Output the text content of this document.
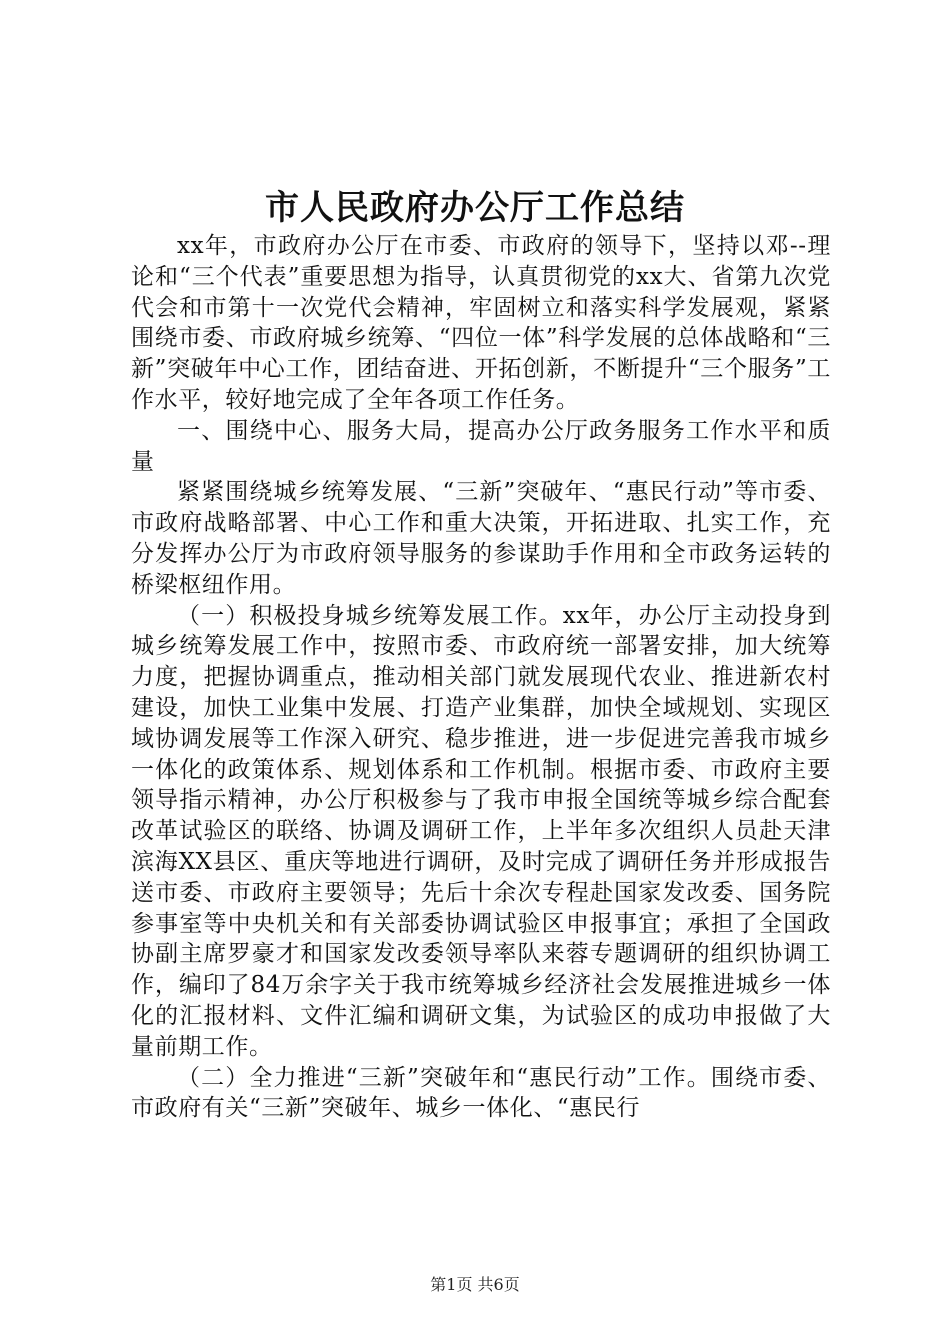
市人民政府办公厅工作总结

xx年，市政府办公厅在市委、市政府的领导下，坚持以邓--理论和“三个代表”重要思想为指导，认真贯彻党的xx大、省第九次党代会和市第十一次党代会精神，牢固树立和落实科学发展观，紧紧围绕市委、市政府城乡统筹、“四位一体”科学发展的总体战略和“三新”突破年中心工作，团结奋进、开拓创新，不断提升“三个服务”工作水平，较好地完成了全年各项工作任务。

一、围绕中心、服务大局，提高办公厅政务服务工作水平和质量

紧紧围绕城乡统筹发展、“三新”突破年、“惠民行动”等市委、市政府战略部署、中心工作和重大决策，开拓进取、扎实工作，充分发挥办公厅为市政府领导服务的参谋助手作用和全市政务运转的桥梁枢纽作用。

（一）积极投身城乡统筹发展工作。xx年，办公厅主动投身到城乡统筹发展工作中，按照市委、市政府统一部署安排，加大统筹力度，把握协调重点，推动相关部门就发展现代农业、推进新农村建设，加快工业集中发展、打造产业集群，加快全域规划、实现区域协调发展等工作深入研究、稳步推进，进一步促进完善我市城乡一体化的政策体系、规划体系和工作机制。根据市委、市政府主要领导指示精神，办公厅积极参与了我市申报全国统等城乡综合配套改革试验区的联络、协调及调研工作，上半年多次组织人员赴天津滨海XX县区、重庆等地进行调研，及时完成了调研任务并形成报告送市委、市政府主要领导；先后十余次专程赴国家发改委、国务院参事室等中央机关和有关部委协调试验区申报事宜；承担了全国政协副主席罗豪才和国家发改委领导率队来蓉专题调研的组织协调工作，编印了84万余字关于我市统筹城乡经济社会发展推进城乡一体化的汇报材料、文件汇编和调研文集，为试验区的成功申报做了大量前期工作。

（二）全力推进“三新”突破年和“惠民行动”工作。围绕市委、市政府有关“三新”突破年、城乡一体化、“惠民行

第1页 共6页
